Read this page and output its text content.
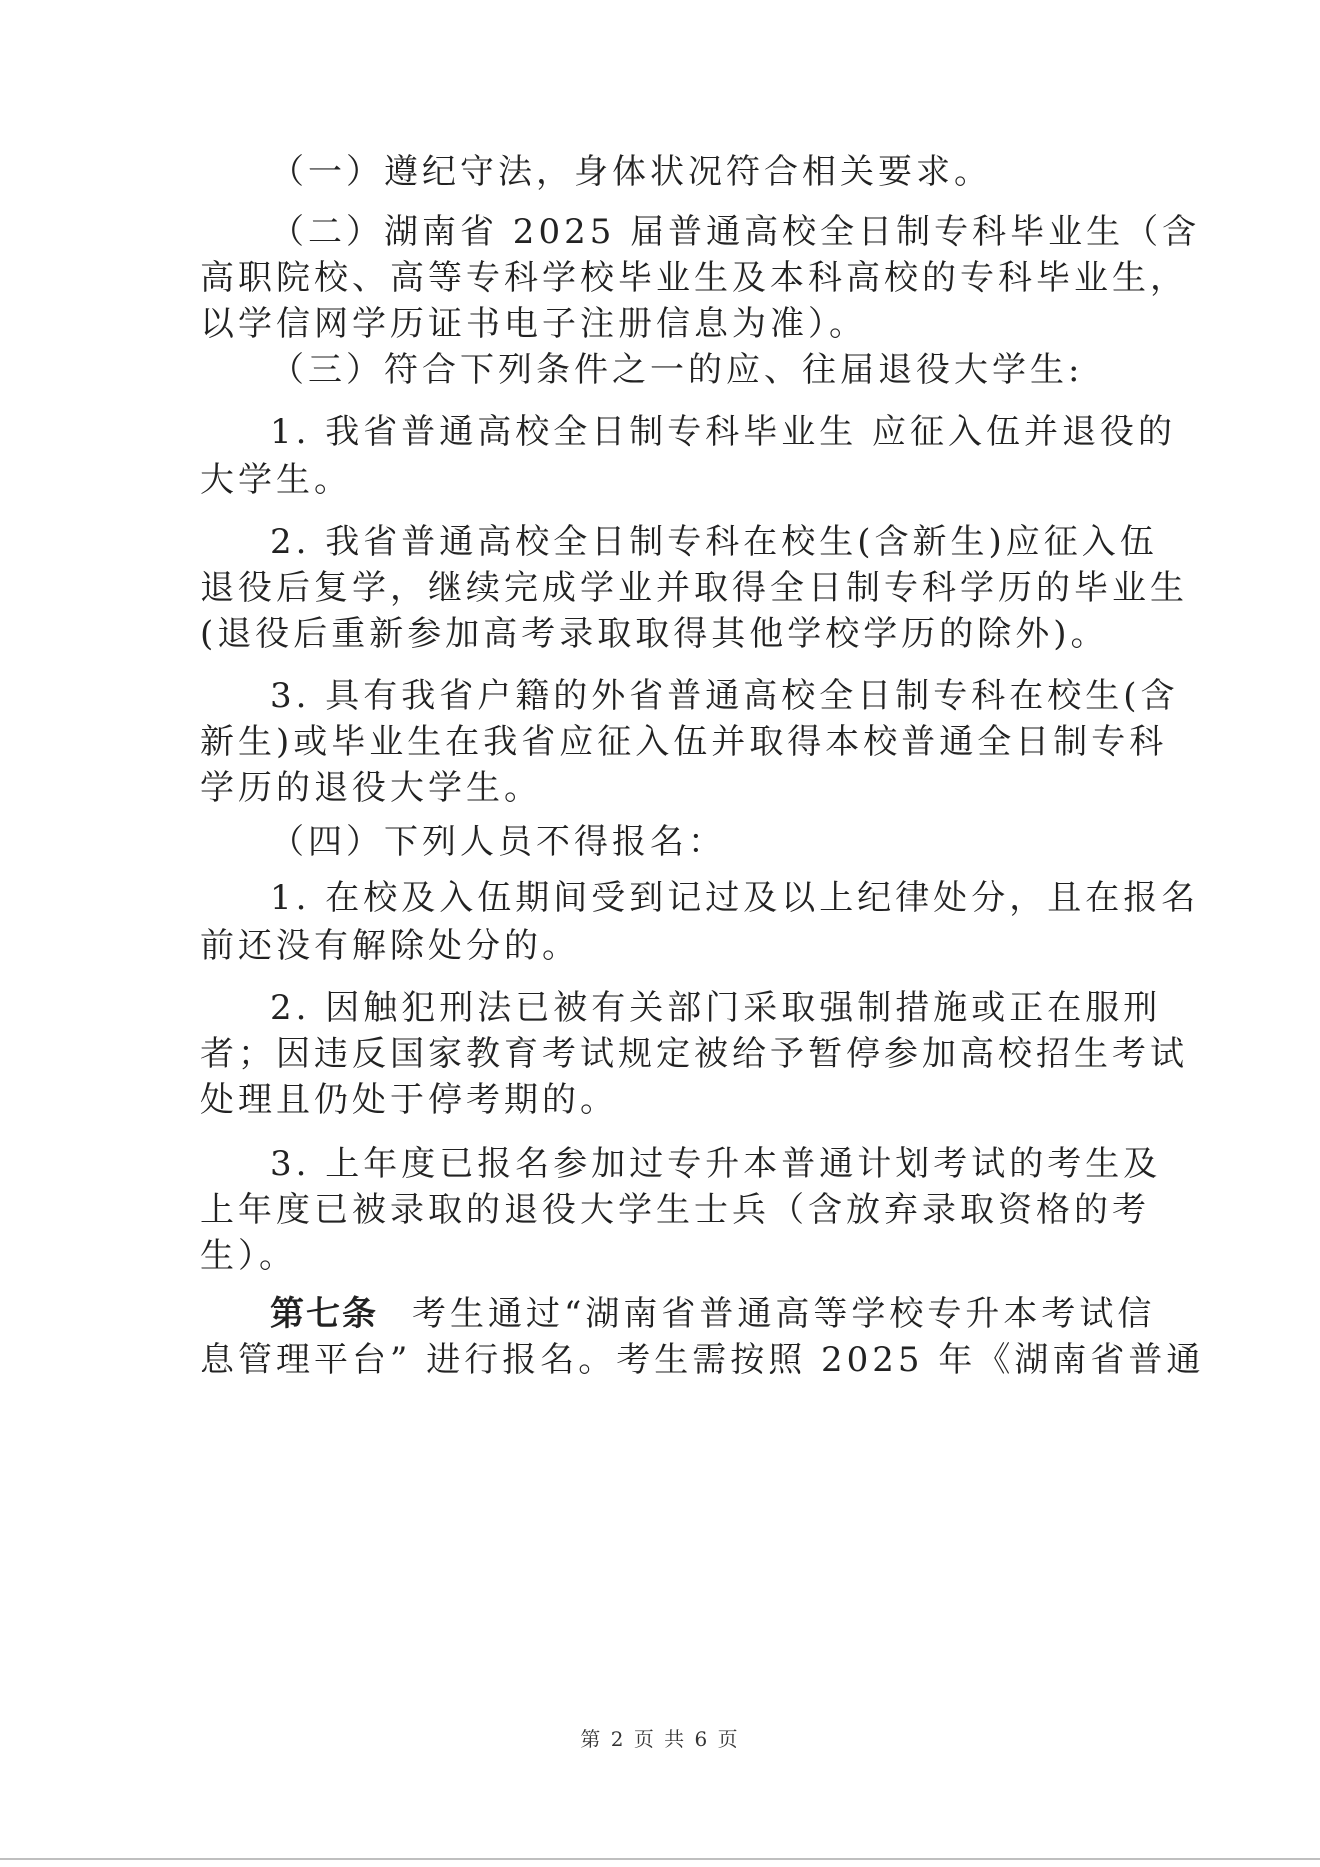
（一）遵纪守法，身体状况符合相关要求。
（二）湖南省 2025 届普通高校全日制专科毕业生（含
高职院校、高等专科学校毕业生及本科高校的专科毕业生，
以学信网学历证书电子注册信息为准）。
（三）符合下列条件之一的应、往届退役大学生:
1. 我省普通高校全日制专科毕业生 应征入伍并退役的
大学生。
2. 我省普通高校全日制专科在校生(含新生)应征入伍
退役后复学，继续完成学业并取得全日制专科学历的毕业生
(退役后重新参加高考录取取得其他学校学历的除外)。
3. 具有我省户籍的外省普通高校全日制专科在校生(含
新生)或毕业生在我省应征入伍并取得本校普通全日制专科
学历的退役大学生。
（四）下列人员不得报名：
1. 在校及入伍期间受到记过及以上纪律处分，且在报名
前还没有解除处分的。
2. 因触犯刑法已被有关部门采取强制措施或正在服刑
者；因违反国家教育考试规定被给予暂停参加高校招生考试
处理且仍处于停考期的。
3. 上年度已报名参加过专升本普通计划考试的考生及
上年度已被录取的退役大学生士兵（含放弃录取资格的考
生）。
第七条 考生通过“湖南省普通高等学校专升本考试信
息管理平台” 进行报名。考生需按照 2025 年《湖南省普通
第 2 页 共 6 页
